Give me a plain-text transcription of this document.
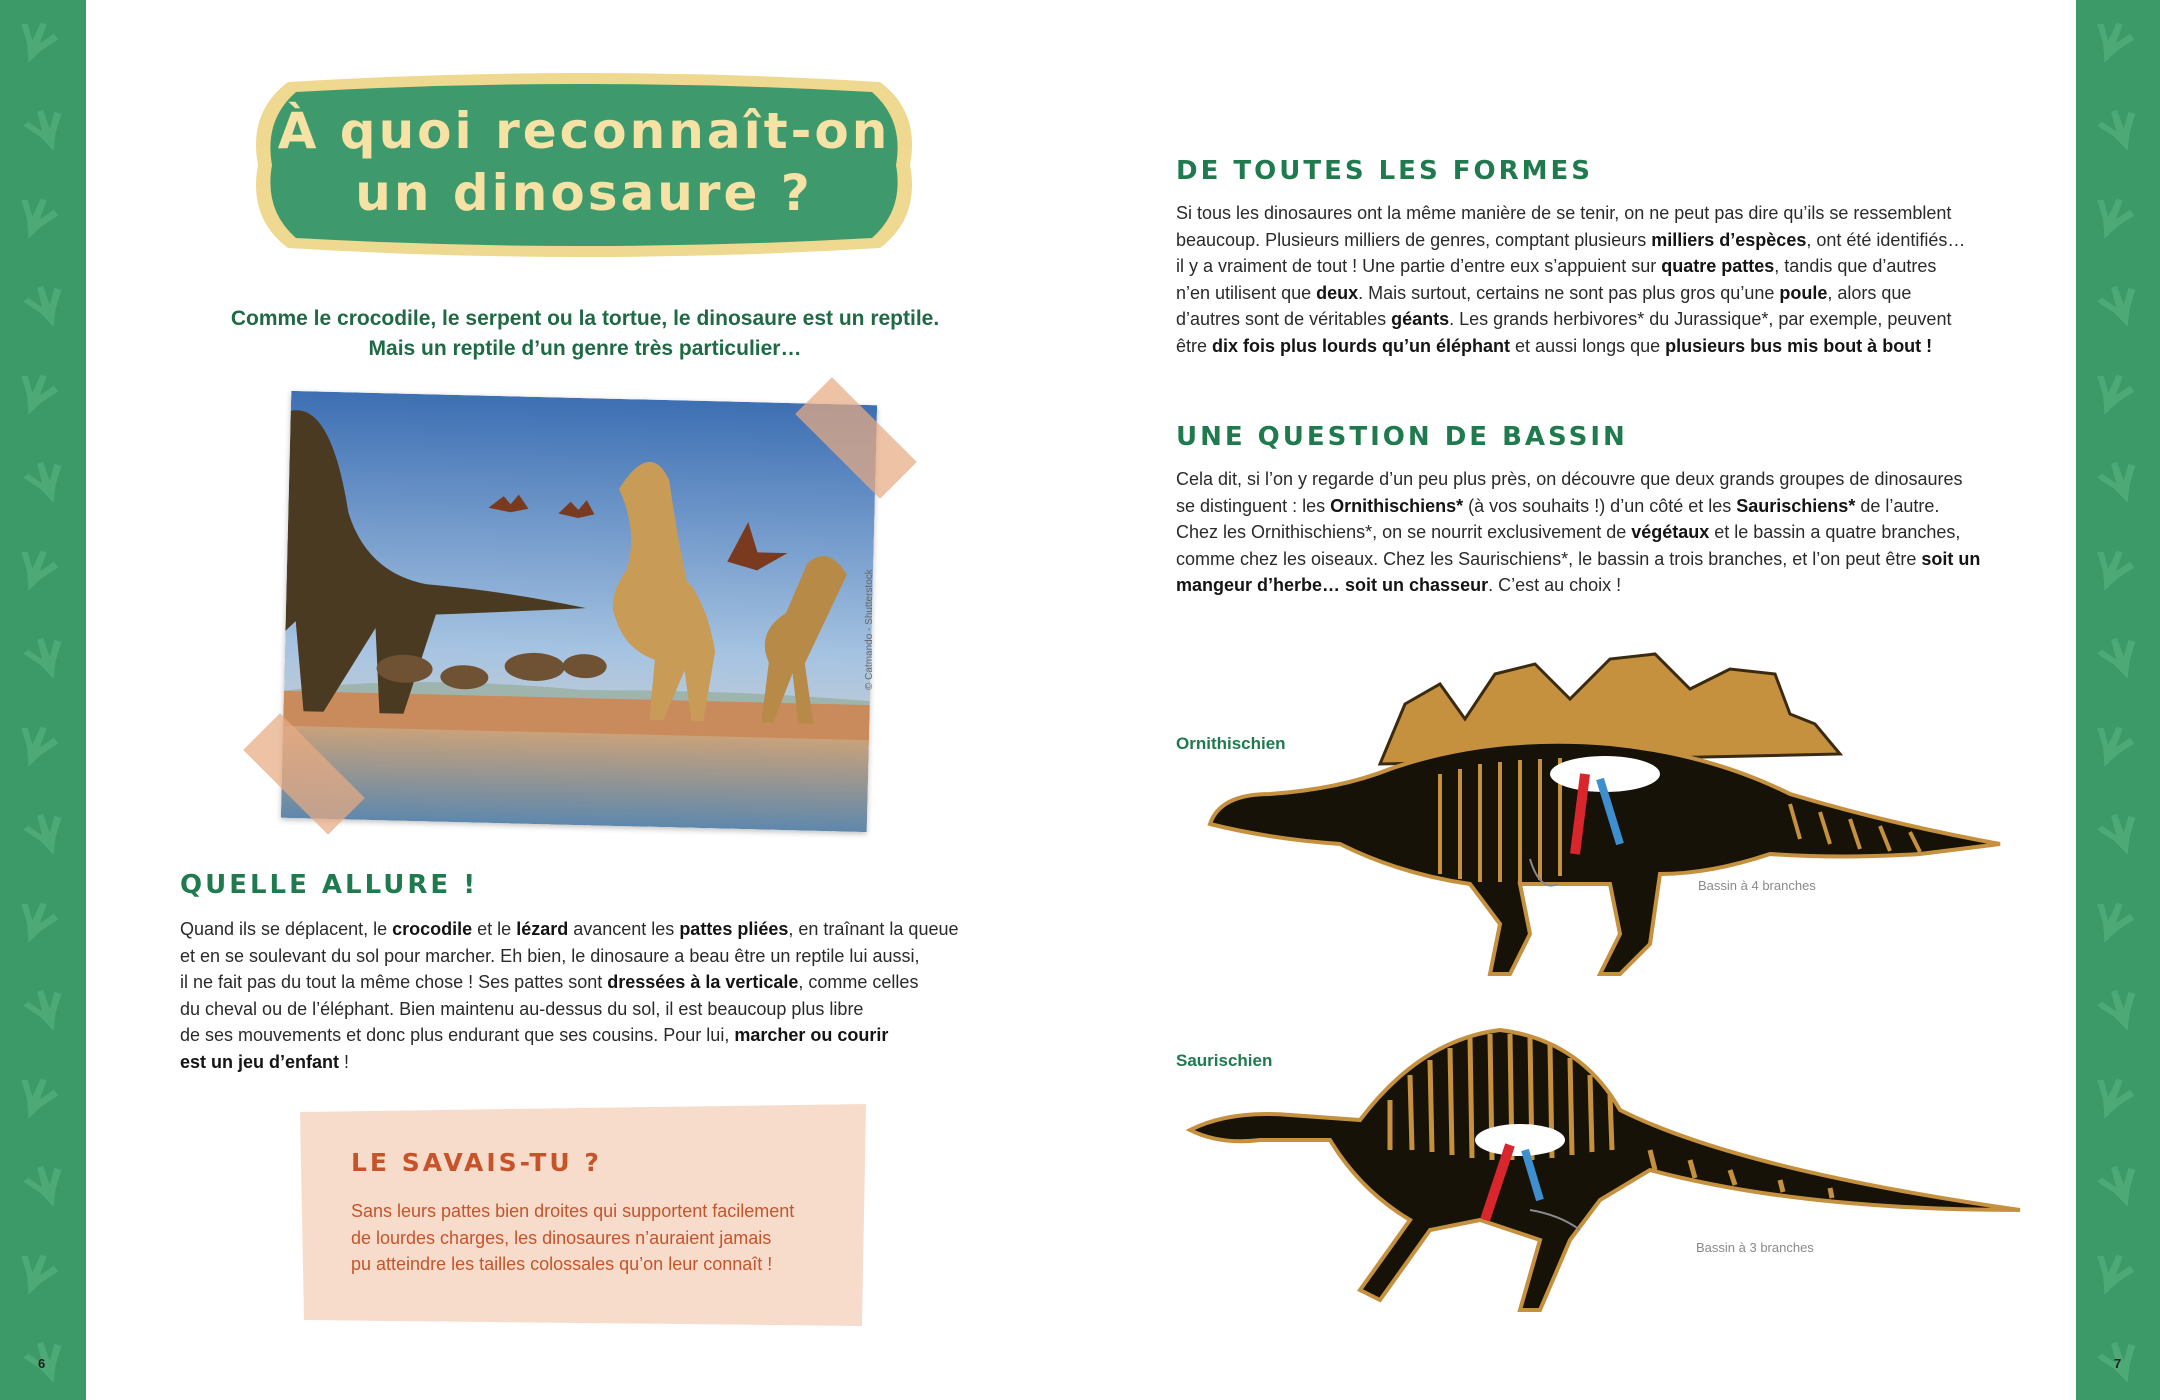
6	7
À quoi reconnaît-on
un dinosaure ?
Comme le crocodile, le serpent ou la tortue, le dinosaure est un reptile.
Mais un reptile d’un genre très particulier…
© Catmando - Shutterstock
QUELLE ALLURE !
Quand ils se déplacent, le crocodile et le lézard avancent les pattes pliées, en traînant la queue
et en se soulevant du sol pour marcher. Eh bien, le dinosaure a beau être un reptile lui aussi,
il ne fait pas du tout la même chose ! Ses pattes sont dressées à la verticale, comme celles
du cheval ou de l’éléphant. Bien maintenu au-dessus du sol, il est beaucoup plus libre
de ses mouvements et donc plus endurant que ses cousins. Pour lui, marcher ou courir
est un jeu d’enfant !
LE SAVAIS-TU ?
Sans leurs pattes bien droites qui supportent facilement
de lourdes charges, les dinosaures n’auraient jamais
pu atteindre les tailles colossales qu’on leur connaît !
DE TOUTES LES FORMES
Si tous les dinosaures ont la même manière de se tenir, on ne peut pas dire qu’ils se ressemblent
beaucoup. Plusieurs milliers de genres, comptant plusieurs milliers d’espèces, ont été identifiés…
il y a vraiment de tout ! Une partie d’entre eux s’appuient sur quatre pattes, tandis que d’autres
n’en utilisent que deux. Mais surtout, certains ne sont pas plus gros qu’une poule, alors que
d’autres sont de véritables géants. Les grands herbivores* du Jurassique*, par exemple, peuvent
être dix fois plus lourds qu’un éléphant et aussi longs que plusieurs bus mis bout à bout !
UNE QUESTION DE BASSIN
Cela dit, si l’on y regarde d’un peu plus près, on découvre que deux grands groupes de dinosaures
se distinguent : les Ornithischiens* (à vos souhaits !) d’un côté et les Saurischiens* de l’autre.
Chez les Ornithischiens*, on se nourrit exclusivement de végétaux et le bassin a quatre branches,
comme chez les oiseaux. Chez les Saurischiens*, le bassin a trois branches, et l’on peut être soit un
mangeur d’herbe… soit un chasseur. C’est au choix !
Ornithischien
Saurischien
Bassin à 4 branches
Bassin à 3 branches
